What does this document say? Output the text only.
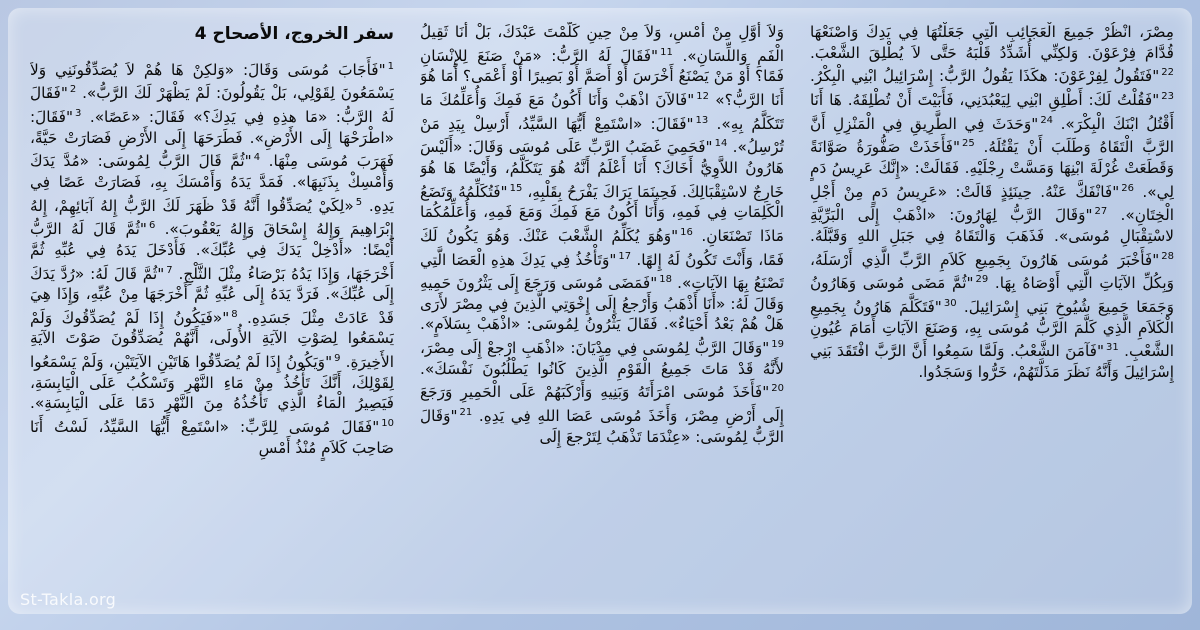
سفر الخروج، الأصحاح 4
$^1$"فَأَجَابَ مُوسَى وَقَالَ: «وَلكِنْ هَا هُمْ لاَ يُصَدِّقُونَنِي وَلاَ يَسْمَعُونَ لِقَوْلِي، بَلْ يَقُولُونَ: لَمْ يَظْهَرْ لَكَ الرَّبُّ». $^2$"فَقَالَ لَهُ الرَّبُّ: «مَا هذِهِ فِي يَدِكَ؟» فَقَالَ: «عَصًا». $^3$"فَقَالَ: «اطْرَحْهَا إِلَى الأَرْضِ». فَطَرَحَهَا إِلَى الأَرْضِ فَصَارَتْ حَيَّةً، فَهَرَبَ مُوسَى مِنْهَا. $^4$"ثُمَّ قَالَ الرَّبُّ لِمُوسَى: «مُدَّ يَدَكَ وَأَمْسِكْ بِذَنَبِهَا». فَمَدَّ يَدَهُ وَأَمْسَكَ بِهِ، فَصَارَتْ عَصًا فِي يَدِهِ. $^5$«لِكَيْ يُصَدِّقُوا أَنَّهُ قَدْ ظَهَرَ لَكَ الرَّبُّ إِلهُ آبَائِهِمْ، إِلهُ إِبْرَاهِيمَ وَإِلهُ إِسْحَاقَ وَإِلهُ يَعْقُوبَ». $^6$"ثُمَّ قَالَ لَهُ الرَّبُّ أَيْضًا: «أَدْخِلْ يَدَكَ فِي عُبِّكَ». فَأَدْخَلَ يَدَهُ فِي عُبِّهِ ثُمَّ أَخْرَجَهَا، وَإِذَا يَدُهُ بَرْصَاءُ مِثْلَ الثَّلْجِ. $^7$"ثُمَّ قَالَ لَهُ: «رُدَّ يَدَكَ إِلَى عُبِّكَ». فَرَدَّ يَدَهُ إِلَى عُبِّهِ ثُمَّ أَخْرَجَهَا مِنْ عُبِّهِ، وَإِذَا هِيَ قَدْ عَادَتْ مِثْلَ جَسَدِهِ. $^8$"«فَيَكُونُ إِذَا لَمْ يُصَدِّقُوكَ وَلَمْ يَسْمَعُوا لِصَوْتِ الآيَةِ الأُولَى، أَنَّهُمْ يُصَدِّقُونَ صَوْتَ الآيَةِ الأَخِيرَةِ. $^9$"وَيَكُونُ إِذَا لَمْ يُصَدِّقُوا هَاتَيْنِ الآيَتَيْنِ، وَلَمْ يَسْمَعُوا لِقَوْلِكَ، أَنَّكَ تَأْخُذُ مِنْ مَاءِ النَّهْرِ وَتَسْكُبُ عَلَى الْيَابِسَةِ، فَيَصِيرُ الْمَاءُ الَّذِي تَأْخُذُهُ مِنَ النَّهْرِ دَمًا عَلَى الْيَابِسَةِ». $^{10}$"فَقَالَ مُوسَى لِلرَّبِّ: «اسْتَمِعْ أَيُّهَا السَّيِّدُ، لَسْتُ أَنَا صَاحِبَ كَلاَمٍ مُنْذُ أَمْسِ
وَلاَ أَوَّلِ مِنْ أَمْسِ، وَلاَ مِنْ حِينِ كَلَّمْتَ عَبْدَكَ، بَلْ أَنَا ثَقِيلُ الْفَمِ وَاللِّسَانِ». $^{11}$"فَقَالَ لَهُ الرَّبُّ: «مَنْ صَنَعَ لِلإِنْسَانِ فَمًا؟ أَوْ مَنْ يَصْنَعُ أَخْرَسَ أَوْ أَصَمَّ أَوْ بَصِيرًا أَوْ أَعْمَى؟ أَمَا هُوَ أَنَا الرَّبُّ؟» $^{12}$"فَالآنَ اذْهَبْ وَأَنَا أَكُونُ مَعَ فَمِكَ وَأُعَلِّمُكَ مَا تَتَكَلَّمُ بِهِ». $^{13}$"فَقَالَ: «اسْتَمِعْ أَيُّهَا السَّيِّدُ، أَرْسِلْ بِيَدِ مَنْ تُرْسِلُ». $^{14}$"فَحَمِيَ غَضَبُ الرَّبِّ عَلَى مُوسَى وَقَالَ: «أَلَيْسَ هَارُونُ اللاَّوِيُّ أَخَاكَ؟ أَنَا أَعْلَمُ أَنَّهُ هُوَ يَتَكَلَّمُ، وَأَيْضًا هَا هُوَ خَارِجٌ لاسْتِقْبَالِكَ. فَحِينَمَا يَرَاكَ يَفْرَحُ بِقَلْبِهِ، $^{15}$"فَتُكَلِّمُهُ وَتَضَعُ الْكَلِمَاتِ فِي فَمِهِ، وَأَنَا أَكُونُ مَعَ فَمِكَ وَمَعَ فَمِهِ، وَأُعَلِّمُكُمَا مَاذَا تَصْنَعَانِ. $^{16}$"وَهُوَ يُكَلِّمُ الشَّعْبَ عَنْكَ. وَهُوَ يَكُونُ لَكَ فَمًا، وَأَنْتَ تَكُونُ لَهُ إِلهًا. $^{17}$"وَتَأْخُذُ فِي يَدِكَ هذِهِ الْعَصَا الَّتِي تَصْنَعُ بِهَا الآيَاتِ». $^{18}$"فَمَضَى مُوسَى وَرَجَعَ إِلَى يَثْرُونَ حَمِيهِ وَقَالَ لَهُ: «أَنَا أَذْهَبُ وَأَرْجعُ إِلَى إِخْوَتِي الَّذِينَ فِي مِصْرَ لأَرَى هَلْ هُمْ بَعْدُ أَحْيَاءٌ». فَقَالَ يَثْرُونُ لِمُوسَى: «اذْهَبْ بِسَلاَمٍ». $^{19}$"وَقَالَ الرَّبُّ لِمُوسَى فِي مِدْيَانَ: «اذْهَبِ ارْجعْ إِلَى مِصْرَ، لأَنَّهُ قَدْ مَاتَ جَمِيعُ الْقَوْمِ الَّذِينَ كَانُوا يَطْلُبُونَ نَفْسَكَ». $^{20}$"فَأَخَذَ مُوسَى امْرَأَتَهُ وَبَنِيهِ وَأَرْكَبَهُمْ عَلَى الْحَمِيرِ وَرَجَعَ إِلَى أَرْضِ مِصْرَ، وَأَخَذَ مُوسَى عَصَا اللهِ فِي يَدِهِ. $^{21}$"وَقَالَ الرَّبُّ لِمُوسَى: «عِنْدَمَا تَذْهَبُ لِتَرْجعَ إِلَى
مِصْرَ، انْظُرْ جَمِيعَ الْعَجَائِبِ الَّتِي جَعَلْتُهَا فِي يَدِكَ وَاصْنَعْهَا قُدَّامَ فِرْعَوْنَ. وَلكِنِّي أُشَدِّدُ قَلْبَهُ حَتَّى لاَ يُطْلِقَ الشَّعْبَ. $^{22}$"فَتَقُولُ لِفِرْعَوْنَ: هكَذَا يَقُولُ الرَّبُّ: إِسْرَائِيلُ ابْنِي الْبِكْرُ. $^{23}$"فَقُلْتُ لَكَ: أَطْلِقِ ابْنِي لِيَعْبُدَنِي، فَأَبَيْتَ أَنْ تُطْلِقَهُ. هَا أَنَا أَقْتُلُ ابْنَكَ الْبِكْرَ». $^{24}$"وَحَدَثَ فِي الطَّرِيقِ فِي الْمَنْزِلِ أَنَّ الرَّبَّ الْتَقَاهُ وَطَلَبَ أَنْ يَقْتُلَهُ. $^{25}$"فَأَخَذَتْ صَفُّورَةُ صَوَّانَةً وَقَطَعَتْ غُرْلَةَ ابْنِهَا وَمَسَّتْ رِجْلَيْهِ. فَقَالَتْ: «إِنَّكَ عَرِيسُ دَمٍ لِي». $^{26}$"فَانْفَكَّ عَنْهُ. حِينَئِذٍ قَالَتْ: «عَرِيسُ دَمٍ مِنْ أَجْلِ الْخِتَانِ». $^{27}$"وَقَالَ الرَّبُّ لِهَارُونَ: «اذْهَبْ إِلَى الْبَرِّيَّةِ لاسْتِقْبَالِ مُوسَى». فَذَهَبَ وَالْتَقَاهُ فِي جَبَلِ اللهِ وَقَبَّلَهُ. $^{28}$"فَأَخْبَرَ مُوسَى هَارُونَ بِجَمِيعِ كَلاَمِ الرَّبِّ الَّذِي أَرْسَلَهُ، وَبِكُلِّ الآيَاتِ الَّتِي أَوْصَاهُ بِهَا. $^{29}$"ثُمَّ مَضَى مُوسَى وَهَارُونُ وَجَمَعَا جَمِيعَ شُيُوخِ بَنِي إِسْرَائِيلَ. $^{30}$"فَتَكَلَّمَ هَارُونُ بِجَمِيعِ الْكَلاَمِ الَّذِي كَلَّمَ الرَّبُّ مُوسَى بِهِ، وَصَنَعَ الآيَاتِ أَمَامَ عُيُونِ الشَّعْبِ. $^{31}$"فَآمَنَ الشَّعْبُ. وَلَمَّا سَمِعُوا أَنَّ الرَّبَّ افْتَقَدَ بَنِي إِسْرَائِيلَ وَأَنَّهُ نَظَرَ مَذَلَّتَهُمْ، خَرُّوا وَسَجَدُوا.
St-Takla.org
